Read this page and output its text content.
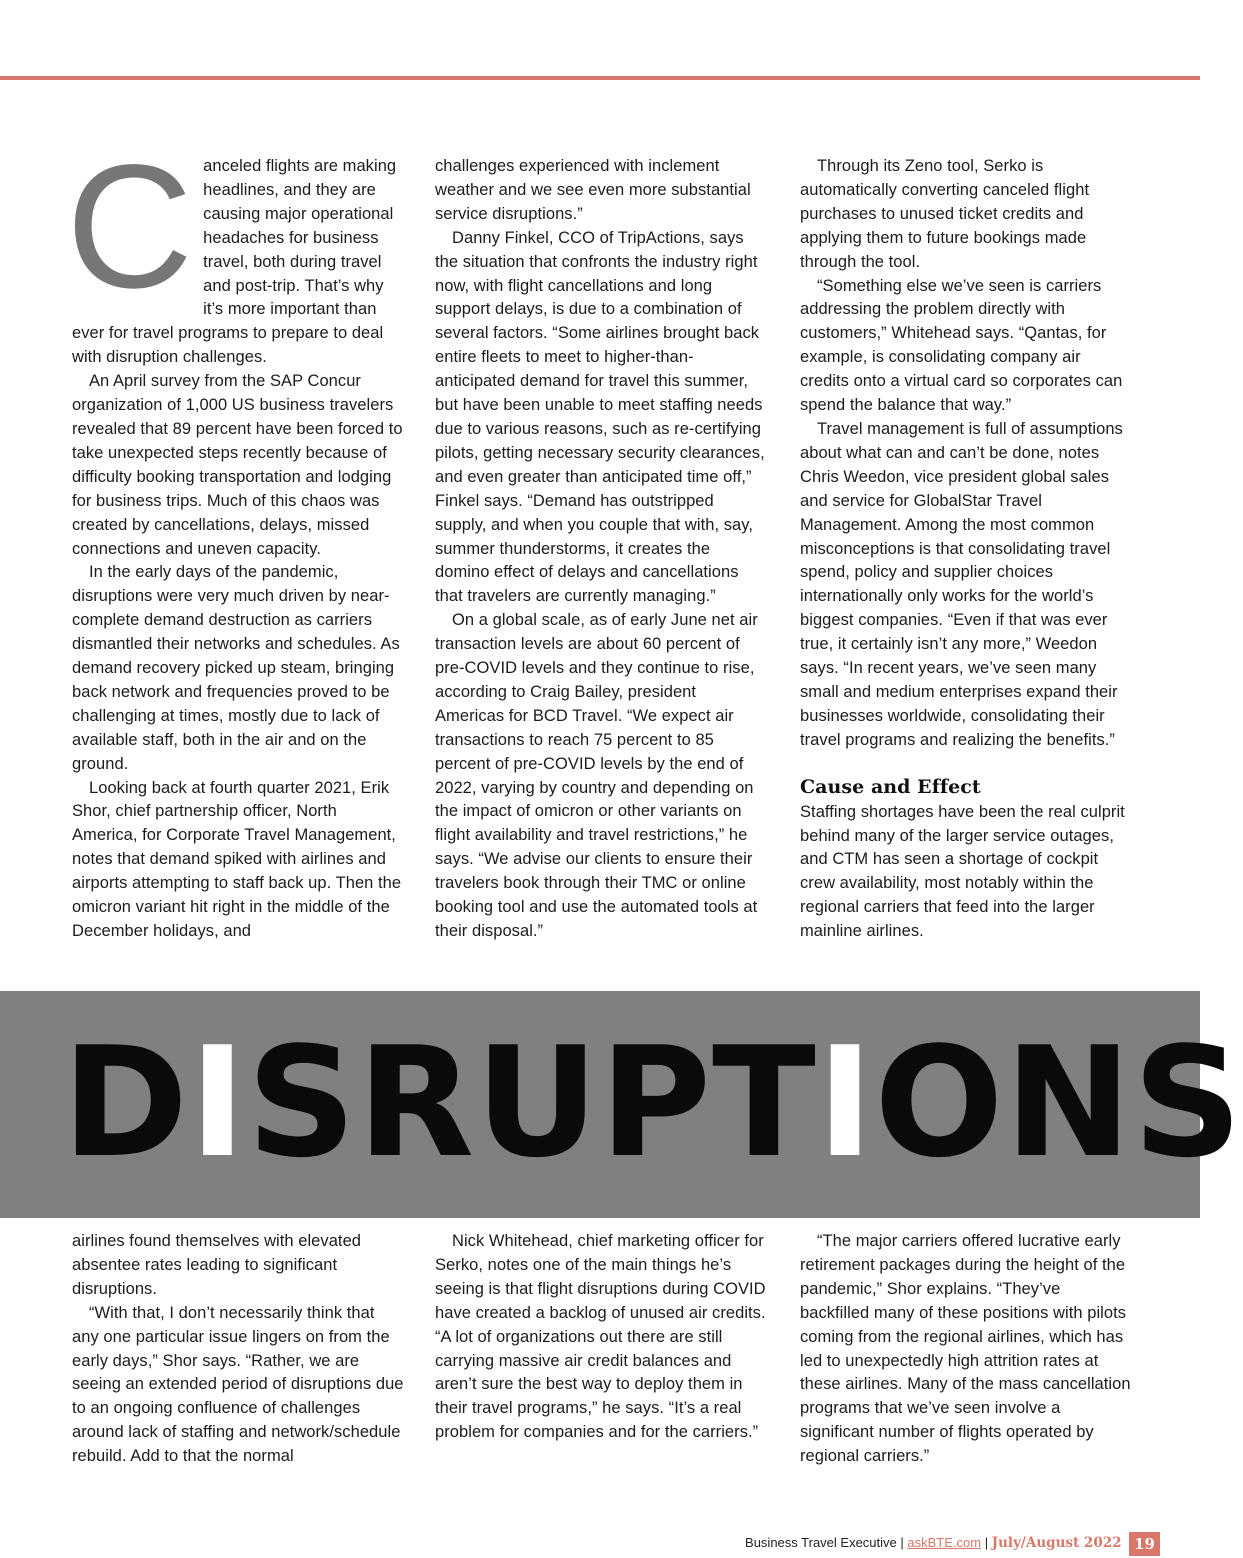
C anceled flights are making headlines, and they are causing major operational headaches for business travel, both during travel and post-trip. That’s why it’s more important than ever for travel programs to prepare to deal with disruption challenges.

An April survey from the SAP Concur organization of 1,000 US business travelers revealed that 89 percent have been forced to take unexpected steps recently because of difficulty booking transportation and lodging for business trips. Much of this chaos was created by cancellations, delays, missed connections and uneven capacity.

In the early days of the pandemic, disruptions were very much driven by near-complete demand destruction as carriers dismantled their networks and schedules. As demand recovery picked up steam, bringing back network and frequencies proved to be challenging at times, mostly due to lack of available staff, both in the air and on the ground.

Looking back at fourth quarter 2021, Erik Shor, chief partnership officer, North America, for Corporate Travel Management, notes that demand spiked with airlines and airports attempting to staff back up. Then the omicron variant hit right in the middle of the December holidays, and

challenges experienced with inclement weather and we see even more substantial service disruptions.”

Danny Finkel, CCO of TripActions, says the situation that confronts the industry right now, with flight cancellations and long support delays, is due to a combination of several factors. “Some airlines brought back entire fleets to meet to higher-than-anticipated demand for travel this summer, but have been unable to meet staffing needs due to various reasons, such as re-certifying pilots, getting necessary security clearances, and even greater than anticipated time off,” Finkel says. “Demand has outstripped supply, and when you couple that with, say, summer thunderstorms, it creates the domino effect of delays and cancellations that travelers are currently managing.”

On a global scale, as of early June net air transaction levels are about 60 percent of pre-COVID levels and they continue to rise, according to Craig Bailey, president Americas for BCD Travel. “We expect air transactions to reach 75 percent to 85 percent of pre-COVID levels by the end of 2022, varying by country and depending on the impact of omicron or other variants on flight availability and travel restrictions,” he says. “We advise our clients to ensure their travelers book through their TMC or online booking tool and use the automated tools at their disposal.”

Through its Zeno tool, Serko is automatically converting canceled flight purchases to unused ticket credits and applying them to future bookings made through the tool.

“Something else we’ve seen is carriers addressing the problem directly with customers,” Whitehead says. “Qantas, for example, is consolidating company air credits onto a virtual card so corporates can spend the balance that way.”

Travel management is full of assumptions about what can and can’t be done, notes Chris Weedon, vice president global sales and service for GlobalStar Travel Management. Among the most common misconceptions is that consolidating travel spend, policy and supplier choices internationally only works for the world’s biggest companies. “Even if that was ever true, it certainly isn’t any more,” Weedon says. “In recent years, we’ve seen many small and medium enterprises expand their businesses worldwide, consolidating their travel programs and realizing the benefits.”

Cause and Effect

Staffing shortages have been the real culprit behind many of the larger service outages, and CTM has seen a shortage of cockpit crew availability, most notably within the regional carriers that feed into the larger mainline airlines.

DISRUPTIONS

airlines found themselves with elevated absentee rates leading to significant disruptions.

“With that, I don’t necessarily think that any one particular issue lingers on from the early days,” Shor says. “Rather, we are seeing an extended period of disruptions due to an ongoing confluence of challenges around lack of staffing and network/schedule rebuild. Add to that the normal

Nick Whitehead, chief marketing officer for Serko, notes one of the main things he’s seeing is that flight disruptions during COVID have created a backlog of unused air credits. “A lot of organizations out there are still carrying massive air credit balances and aren’t sure the best way to deploy them in their travel programs,” he says. “It’s a real problem for companies and for the carriers.”

“The major carriers offered lucrative early retirement packages during the height of the pandemic,” Shor explains. “They’ve backfilled many of these positions with pilots coming from the regional airlines, which has led to unexpectedly high attrition rates at these airlines. Many of the mass cancellation programs that we’ve seen involve a significant number of flights operated by regional carriers.”

Business Travel Executive | askBTE.com | July/August 2022 19
